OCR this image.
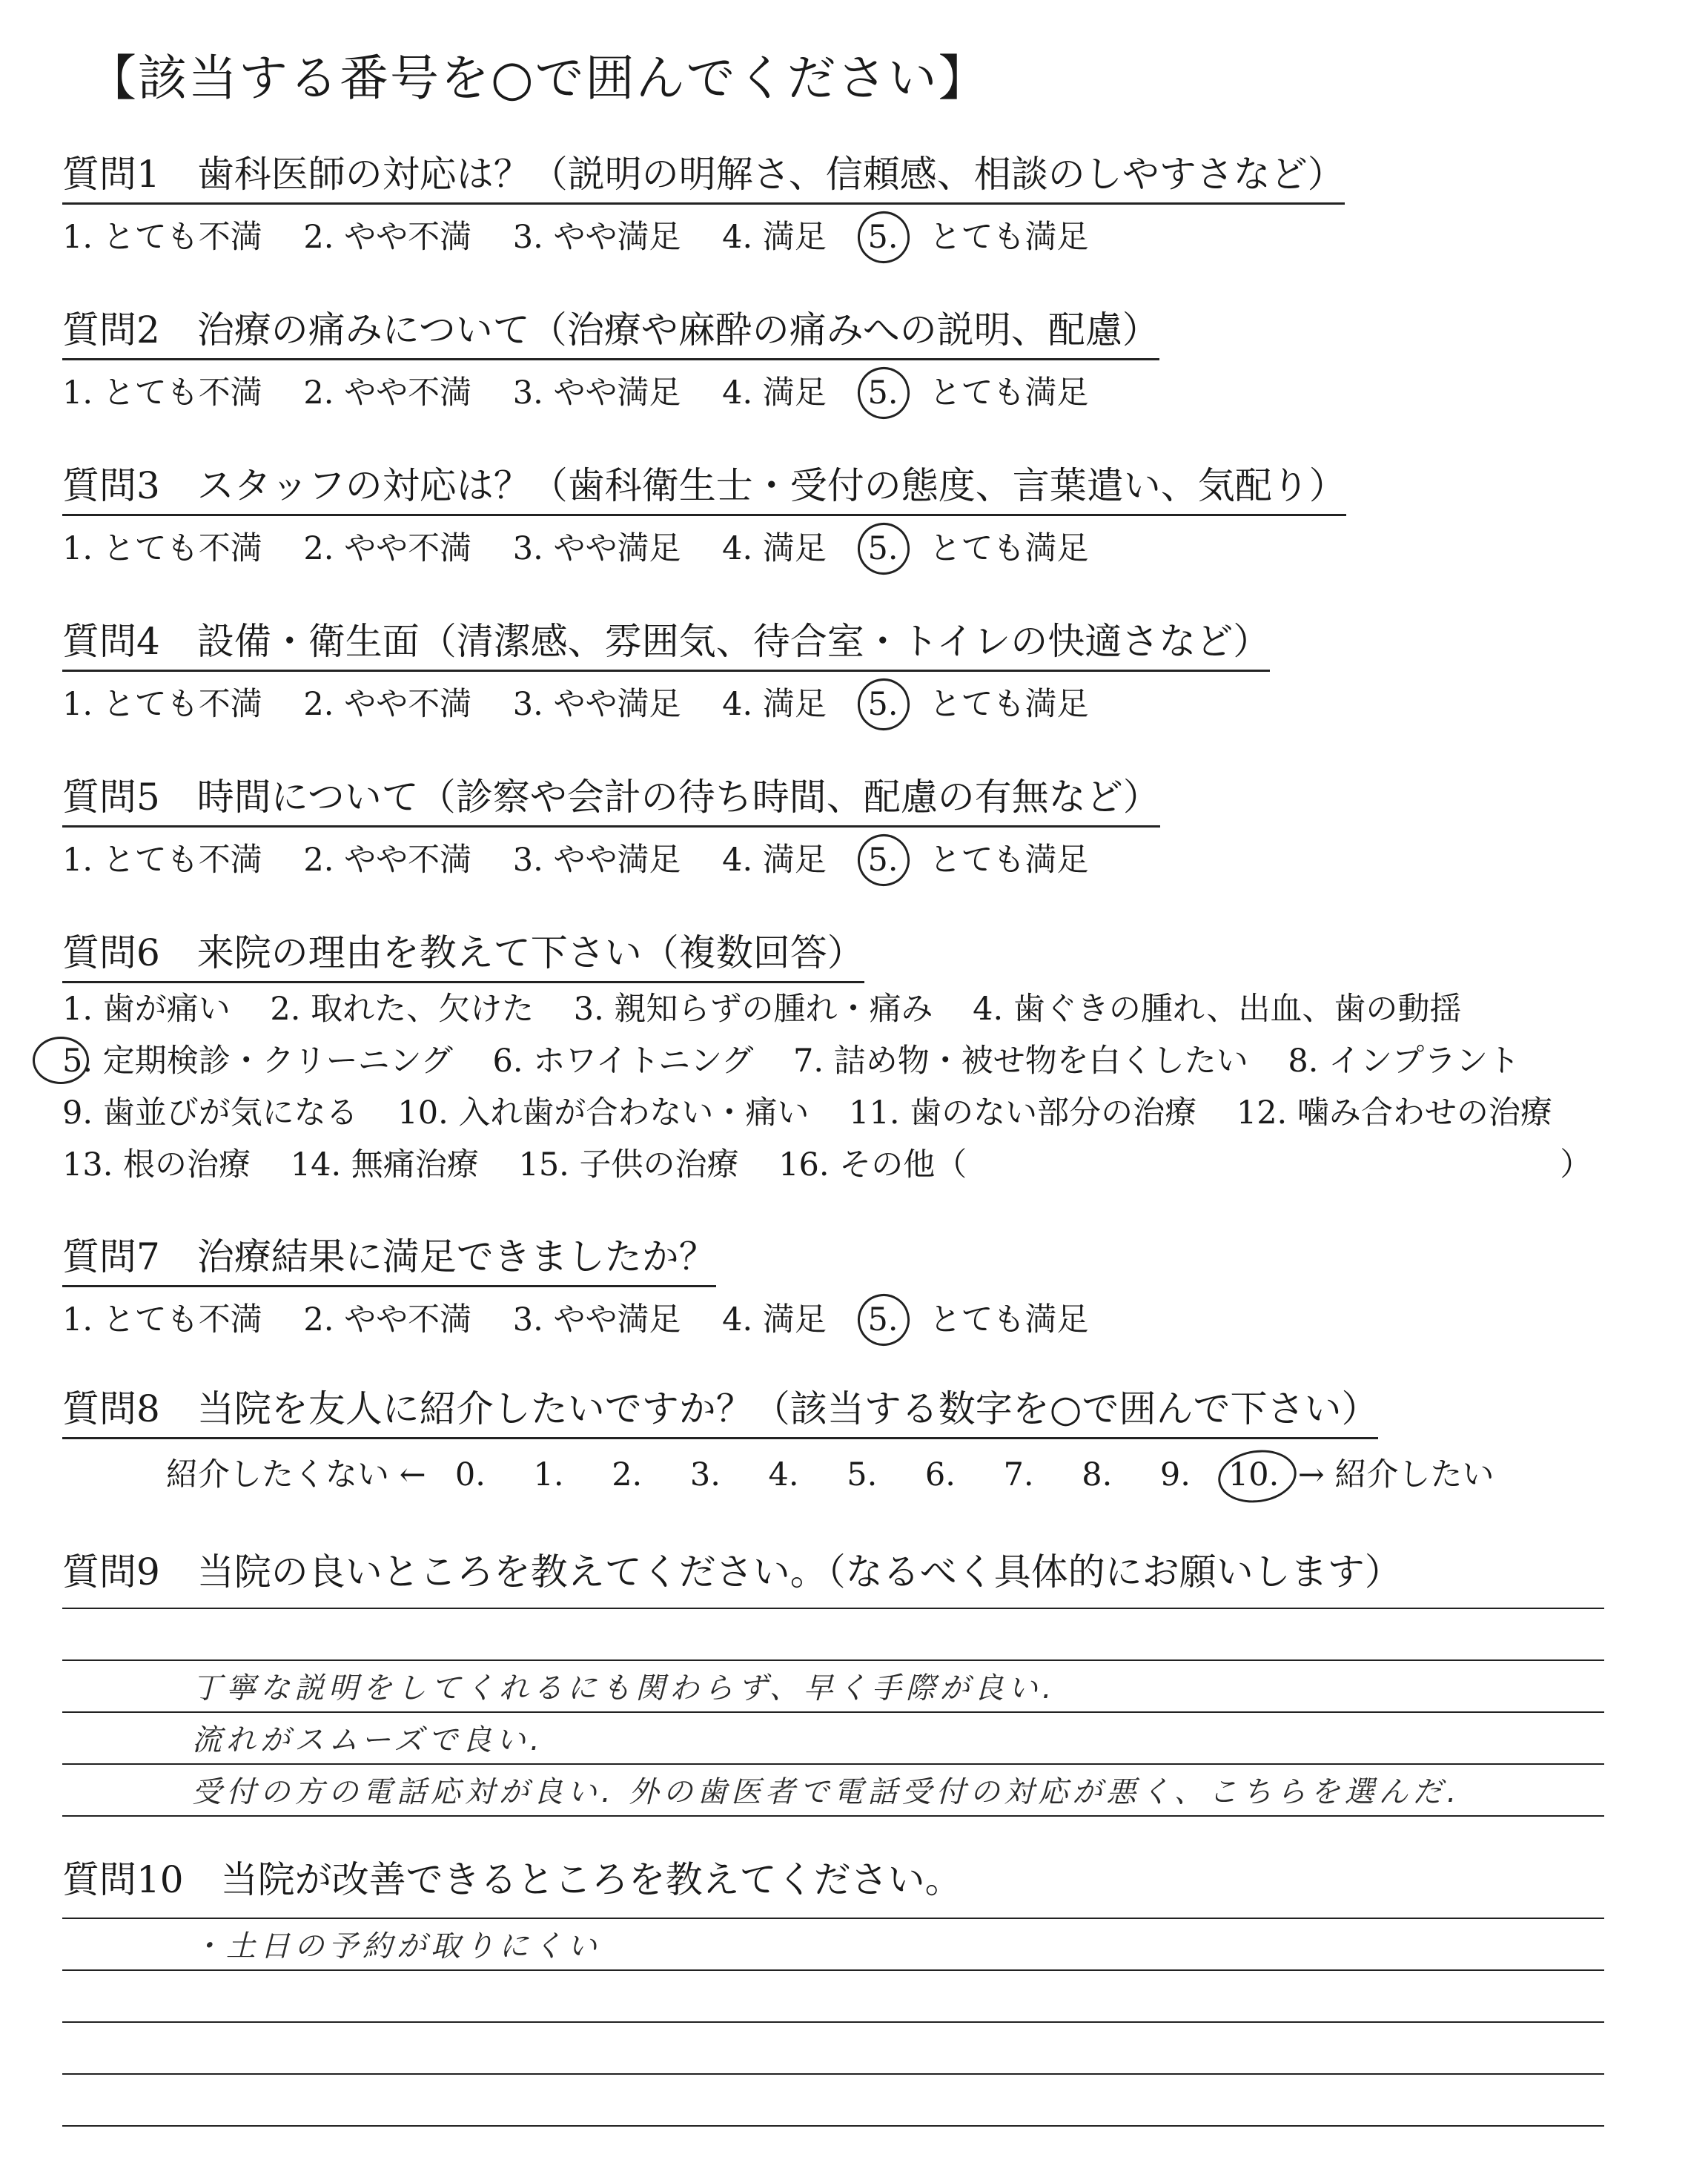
【該当する番号を○で囲んでください】
質問1　歯科医師の対応は？（説明の明解さ、信頼感、相談のしやすさなど）
1. とても不満 2. やや不満 3. やや満足 4. 満足 5. とても満足
質問2　治療の痛みについて（治療や麻酔の痛みへの説明、配慮）
1. とても不満 2. やや不満 3. やや満足 4. 満足 5. とても満足
質問3　スタッフの対応は？（歯科衛生士・受付の態度、言葉遣い、気配り）
1. とても不満 2. やや不満 3. やや満足 4. 満足 5. とても満足
質問4　設備・衛生面（清潔感、雰囲気、待合室・トイレの快適さなど）
1. とても不満 2. やや不満 3. やや満足 4. 満足 5. とても満足
質問5　時間について（診察や会計の待ち時間、配慮の有無など）
1. とても不満 2. やや不満 3. やや満足 4. 満足 5. とても満足
質問6　来院の理由を教えて下さい（複数回答）
1. 歯が痛い 2. 取れた、欠けた 3. 親知らずの腫れ・痛み 4. 歯ぐきの腫れ、出血、歯の動揺
5. 定期検診・クリーニング 6. ホワイトニング 7. 詰め物・被せ物を白くしたい 8. インプラント
9. 歯並びが気になる 10. 入れ歯が合わない・痛い 11. 歯のない部分の治療 12. 噛み合わせの治療
13. 根の治療 14. 無痛治療 15. 子供の治療 16. その他（	）
質問7　治療結果に満足できましたか？
1. とても不満 2. やや不満 3. やや満足 4. 満足 5. とても満足
質問8　当院を友人に紹介したいですか？（該当する数字を○で囲んで下さい）
紹介したくない ← 0. 1. 2. 3. 4. 5. 6. 7. 8. 9. 10. → 紹介したい
質問9　当院の良いところを教えてください。（なるべく具体的にお願いします）
丁寧な説明をしてくれるにも関わらず、早く手際が良い.
流れがスムーズで良い.
受付の方の電話応対が良い. 外の歯医者で電話受付の対応が悪く、こちらを選んだ.
質問10　当院が改善できるところを教えてください。
・土日の予約が取りにくい
